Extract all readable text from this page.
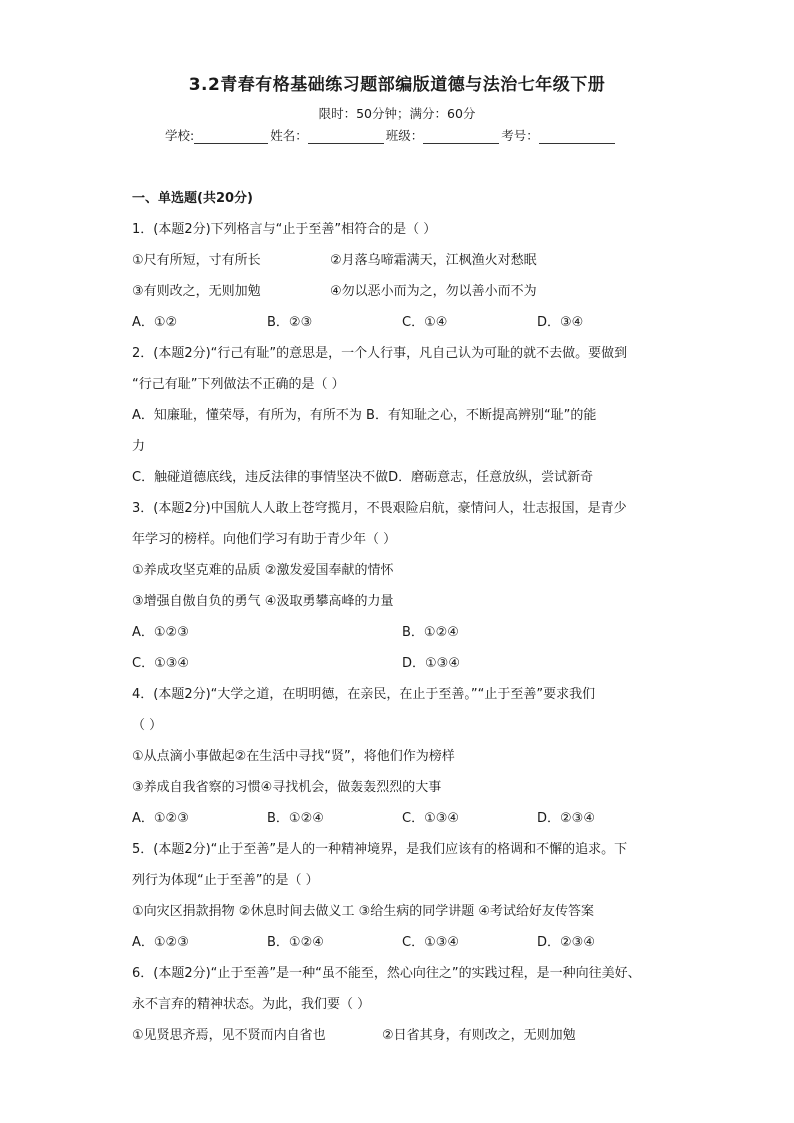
3.2青春有格基础练习题部编版道德与法治七年级下册
限时：50分钟；满分：60分
学校:	姓名：	班级：	考号：
一、单选题(共20分)
1．(本题2分)下列格言与“止于至善”相符合的是（ ）
①尺有所短，寸有所长	②月落乌啼霜满天，江枫渔火对愁眠
③有则改之，无则加勉	④勿以恶小而为之，勿以善小而不为
A．①②	B．②③	C．①④	D．③④
2．(本题2分)“行己有耻”的意思是，一个人行事，凡自己认为可耻的就不去做。要做到
“行己有耻”下列做法不正确的是（ ）
A．知廉耻，懂荣辱，有所为，有所不为 B．有知耻之心，不断提高辨别“耻”的能
力
C．触碰道德底线，违反法律的事情坚决不做D．磨砺意志，任意放纵，尝试新奇
3．(本题2分)中国航人人敢上苍穹揽月，不畏艰险启航，豪情问人，壮志报国，是青少
年学习的榜样。向他们学习有助于青少年（ ）
①养成攻坚克难的品质 ②激发爱国奉献的情怀
③增强自傲自负的勇气 ④汲取勇攀高峰的力量
A．①②③	B．①②④
C．①③④	D．①③④
4．(本题2分)“大学之道，在明明德，在亲民，在止于至善。”“止于至善”要求我们
（ ）
①从点滴小事做起②在生活中寻找“贤”，将他们作为榜样
③养成自我省察的习惯④寻找机会，做轰轰烈烈的大事
A．①②③	B．①②④	C．①③④	D．②③④
5．(本题2分)“止于至善”是人的一种精神境界，是我们应该有的格调和不懈的追求。下
列行为体现“止于至善”的是（ ）
①向灾区捐款捐物 ②休息时间去做义工 ③给生病的同学讲题 ④考试给好友传答案
A．①②③	B．①②④	C．①③④	D．②③④
6．(本题2分)“止于至善”是一种“虽不能至，然心向往之”的实践过程，是一种向往美好、
永不言弃的精神状态。为此，我们要（ ）
①见贤思齐焉，见不贤而内自省也	②日省其身，有则改之，无则加勉
